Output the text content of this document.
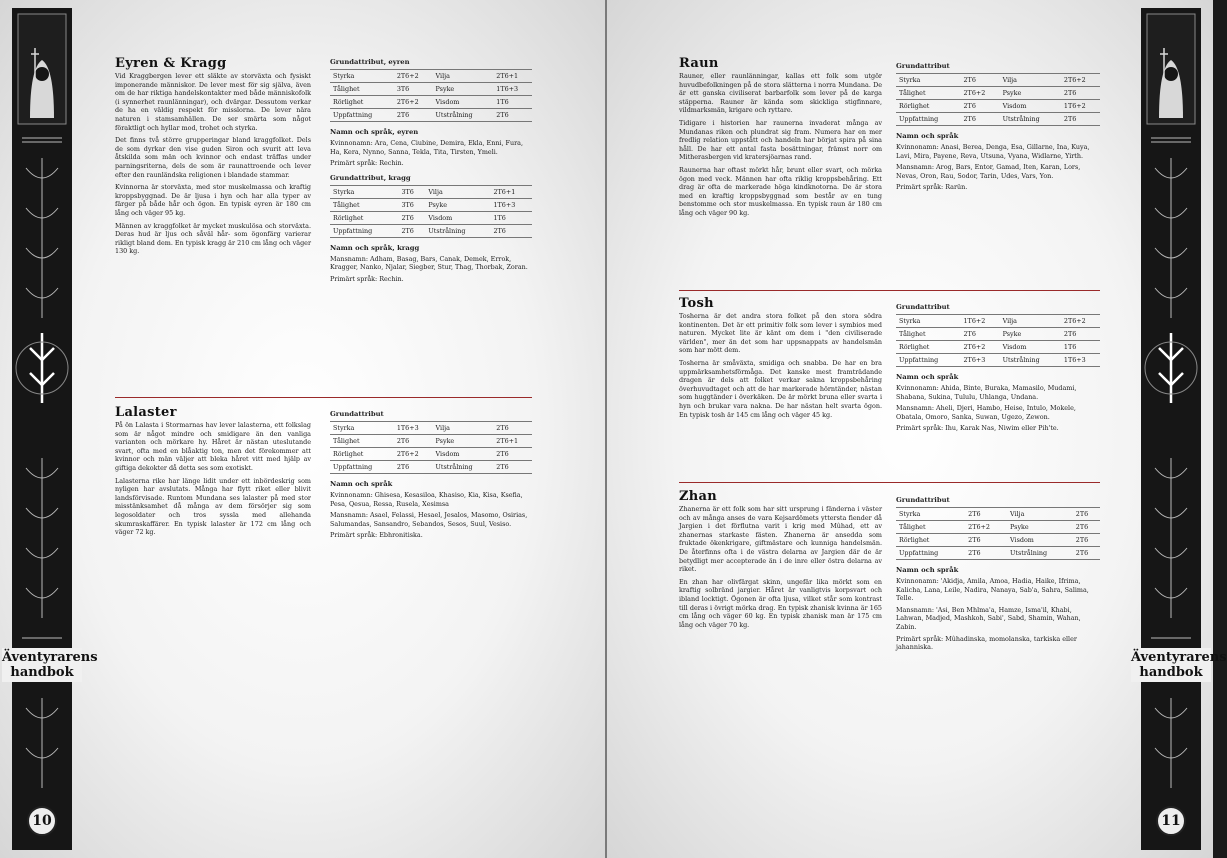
Äventyrarens handbok
10
Eyren & Kragg

Vid Kraggbergen lever ett släkte av storväxta och fysiskt imponerande människor. De lever mest för sig själva, även om de har riktiga handelskontakter med både människofolk (i synnerhet raunlänningar), och dvärgar. Dessutom verkar de ha en väldig respekt för misslorna. De lever nära naturen i stamsamhällen. De ser smärta som något föraktligt och hyllar mod, trohet och styrka.

Det finns två större grupperingar bland kraggfolket. Dels de som dyrkar den vise guden Siron och svurit att leva åtskilda som män och kvinnor och endast träffas under parningsriterna, dels de som är raunattroende och lever efter den raunländska religionen i blandade stammar.

Kvinnorna är storväxta, med stor muskelmassa och kraftig kroppsbyggnad. De är ljusa i hyn och har alla typer av färger på både hår och ögon. En typisk eyren är 180 cm lång och väger 95 kg.

Männen av kraggfolket är mycket muskulösa och storväxta. Deras hud är ljus och såväl hår- som ögonfärg varierar rikligt bland dem. En typisk kragg är 210 cm lång och väger 130 kg.

Grundattribut, eyren
Styrka	2T6+2	Vilja	2T6+1
Tålighet	3T6	Psyke	1T6+3
Rörlighet	2T6+2	Visdom	1T6
Uppfattning	2T6	Utstrålning	2T6
Namn och språk, eyren

Kvinnonamn: Ara, Cena, Ciubine, Demira, Ekla, Enni, Fura, Ha, Kera, Nynno, Sanna, Tekla, Tita, Tirsten, Ymeli.

Primärt språk: Rechin.

Grundattribut, kragg
Styrka	3T6	Vilja	2T6+1
Tålighet	3T6	Psyke	1T6+3
Rörlighet	2T6	Visdom	1T6
Uppfattning	2T6	Utstrålning	2T6
Namn och språk, kragg

Mansnamn: Adham, Basag, Bars, Canak, Demek, Errok, Kragger, Nanko, Njalar, Siegber, Stur, Thag, Thorbak, Zoran.

Primärt språk: Rechin.

Lalaster

På ön Lalasta i Stormarnas hav lever lalasterna, ett folkslag som är något mindre och smidigare än den vanliga varianten och mörkare hy. Håret är nästan uteslutande svart, ofta med en blåaktig ton, men det förekommer att kvinnor och män väljer att bleka håret vitt med hjälp av giftiga dekokter då detta ses som exotiskt.

Lalasterna rike har länge lidit under ett inbördeskrig som nyligen har avslutats. Många har flytt riket eller blivit landsförvisade. Runtom Mundana ses lalaster på med stor misstänksamhet då många av dem försörjer sig som legosoldater och tros syssla med allehanda skumraskaffärer. En typisk lalaster är 172 cm lång och väger 72 kg.

Grundattribut
Styrka	1T6+3	Vilja	2T6
Tålighet	2T6	Psyke	2T6+1
Rörlighet	2T6+2	Visdom	2T6
Uppfattning	2T6	Utstrålning	2T6
Namn och språk

Kvinnonamn: Ghisesa, Kesasiloa, Khasiso, Kia, Kisa, Ksefia, Pesa, Qesua, Ressa, Rusela, Xesimsa

Mansnamn: Asael, Felassi, Hesael, Jesalos, Masomo, Osirias, Salumandas, Sansandro, Sebandos, Sesos, Suul, Vesiso.

Primärt språk: Ebhronitiska.

Äventyrarens handbok
11
Raun

Rauner, eller raunlänningar, kallas ett folk som utgör huvudbefolkningen på de stora slätterna i norra Mundana. De är ett ganska civiliserat barbarfolk som lever på de karga stäpperna. Rauner är kända som skickliga stigfinnare, vildmarksmän, krigare och ryttare.

Tidigare i historien har raunerna invaderat många av Mundanas riken och plundrat sig fram. Numera har en mer fredlig relation uppstått och handeln har börjat spira på sina håll. De har ett antal fasta bosättningar, främst norr om Mitherasbergen vid kratersjöarnas rand.

Raunerna har oftast mörkt hår, brunt eller svart, och mörka ögon med veck. Männen har ofta riklig kroppsbehåring. Ett drag är ofta de markerade höga kindknotorna. De är stora med en kraftig kroppsbyggnad som består av en tung benstomme och stor muskelmassa. En typisk raun är 180 cm lång och väger 90 kg.

Grundattribut
Styrka	2T6	Vilja	2T6+2
Tålighet	2T6+2	Psyke	2T6
Rörlighet	2T6	Visdom	1T6+2
Uppfattning	2T6	Utstrålning	2T6
Namn och språk

Kvinnonamn: Anasi, Berea, Denga, Esa, Gillarne, Ina, Kuya, Lavi, Mira, Payene, Reva, Utsuna, Vyana, Widlarne, Yirth.

Mansnamn: Arog, Bars, Entor, Gamad, Iten, Karan, Lors, Nevas, Oron, Rau, Sodor, Tarin, Udes, Vars, Yon.

Primärt språk: Rarün.

Tosh

Tosherna är det andra stora folket på den stora södra kontinenten. Det är ett primitiv folk som lever i symbios med naturen. Mycket lite är känt om dem i "den civiliserade världen", mer än det som har uppsnappats av handelsmän som har mött dem.

Tosherna är småväxta, smidiga och snabba. De har en bra uppmärksamhetsförmåga. Det kanske mest framträdande dragen är dels att folket verkar sakna kroppsbehåring överhuvudtaget och att de har markerade hörntänder, nästan som huggtänder i överkäken. De är mörkt bruna eller svarta i hyn och brukar vara nakna. De har nästan helt svarta ögon. En typisk tosh är 145 cm lång och väger 45 kg.

Grundattribut
Styrka	1T6+2	Vilja	2T6+2
Tålighet	2T6	Psyke	2T6
Rörlighet	2T6+2	Visdom	1T6
Uppfattning	2T6+3	Utstrålning	1T6+3
Namn och språk

Kvinnonamn: Ahida, Binte, Buraka, Mamasilo, Mudami, Shabana, Sukina, Tululu, Uhlanga, Undana.

Mansnamn: Aheli, Djeri, Hambo, Heise, Intulo, Mokele, Obatala, Omoro, Sanka, Suwan, Ugezo, Zewon.

Primärt språk: Ihu, Karak Nas, Niwim eller Pih'te.

Zhan

Zhanerna är ett folk som har sitt ursprung i fänderna i väster och av många anses de vara Kejsardömets yttersta fiender då Jargien i det förflutna varit i krig med Mûhad, ett av zhanernas starkaste fästen. Zhanerna är ansedda som fruktade ökenkrigare, giftmästare och kunniga handelsmän. De återfinns ofta i de västra delarna av Jargien där de är betydligt mer accepterade än i de inre eller östra delarna av riket.

En zhan har olivfärgat skinn, ungefär lika mörkt som en kraftig solbränd jargier. Håret är vanligtvis korpsvart och ibland locktigt. Ögonen är ofta ljusa, vilket står som kontrast till deras i övrigt mörka drag. En typisk zhanisk kvinna är 165 cm lång och väger 60 kg. En typisk zhanisk man är 175 cm lång och väger 70 kg.

Grundattribut
Styrka	2T6	Vilja	2T6
Tålighet	2T6+2	Psyke	2T6
Rörlighet	2T6	Visdom	2T6
Uppfattning	2T6	Utstrålning	2T6
Namn och språk

Kvinnonamn: 'Akidja, Amila, Amoa, Hadia, Haike, Ifrima, Kalicha, Lana, Leile, Nadira, Nanaya, Sab'a, Sahra, Salima, Telle.

Mansnamn: 'Asi, Ben Mhlma'a, Hamze, Isma'il, Khabi, Lahwan, Madjed, Mashkoh, Sabi', Sabd, Shamin, Wahan, Zabin.

Primärt språk: Mûhadinska, momolanska, tarkiska eller jahanniska.
